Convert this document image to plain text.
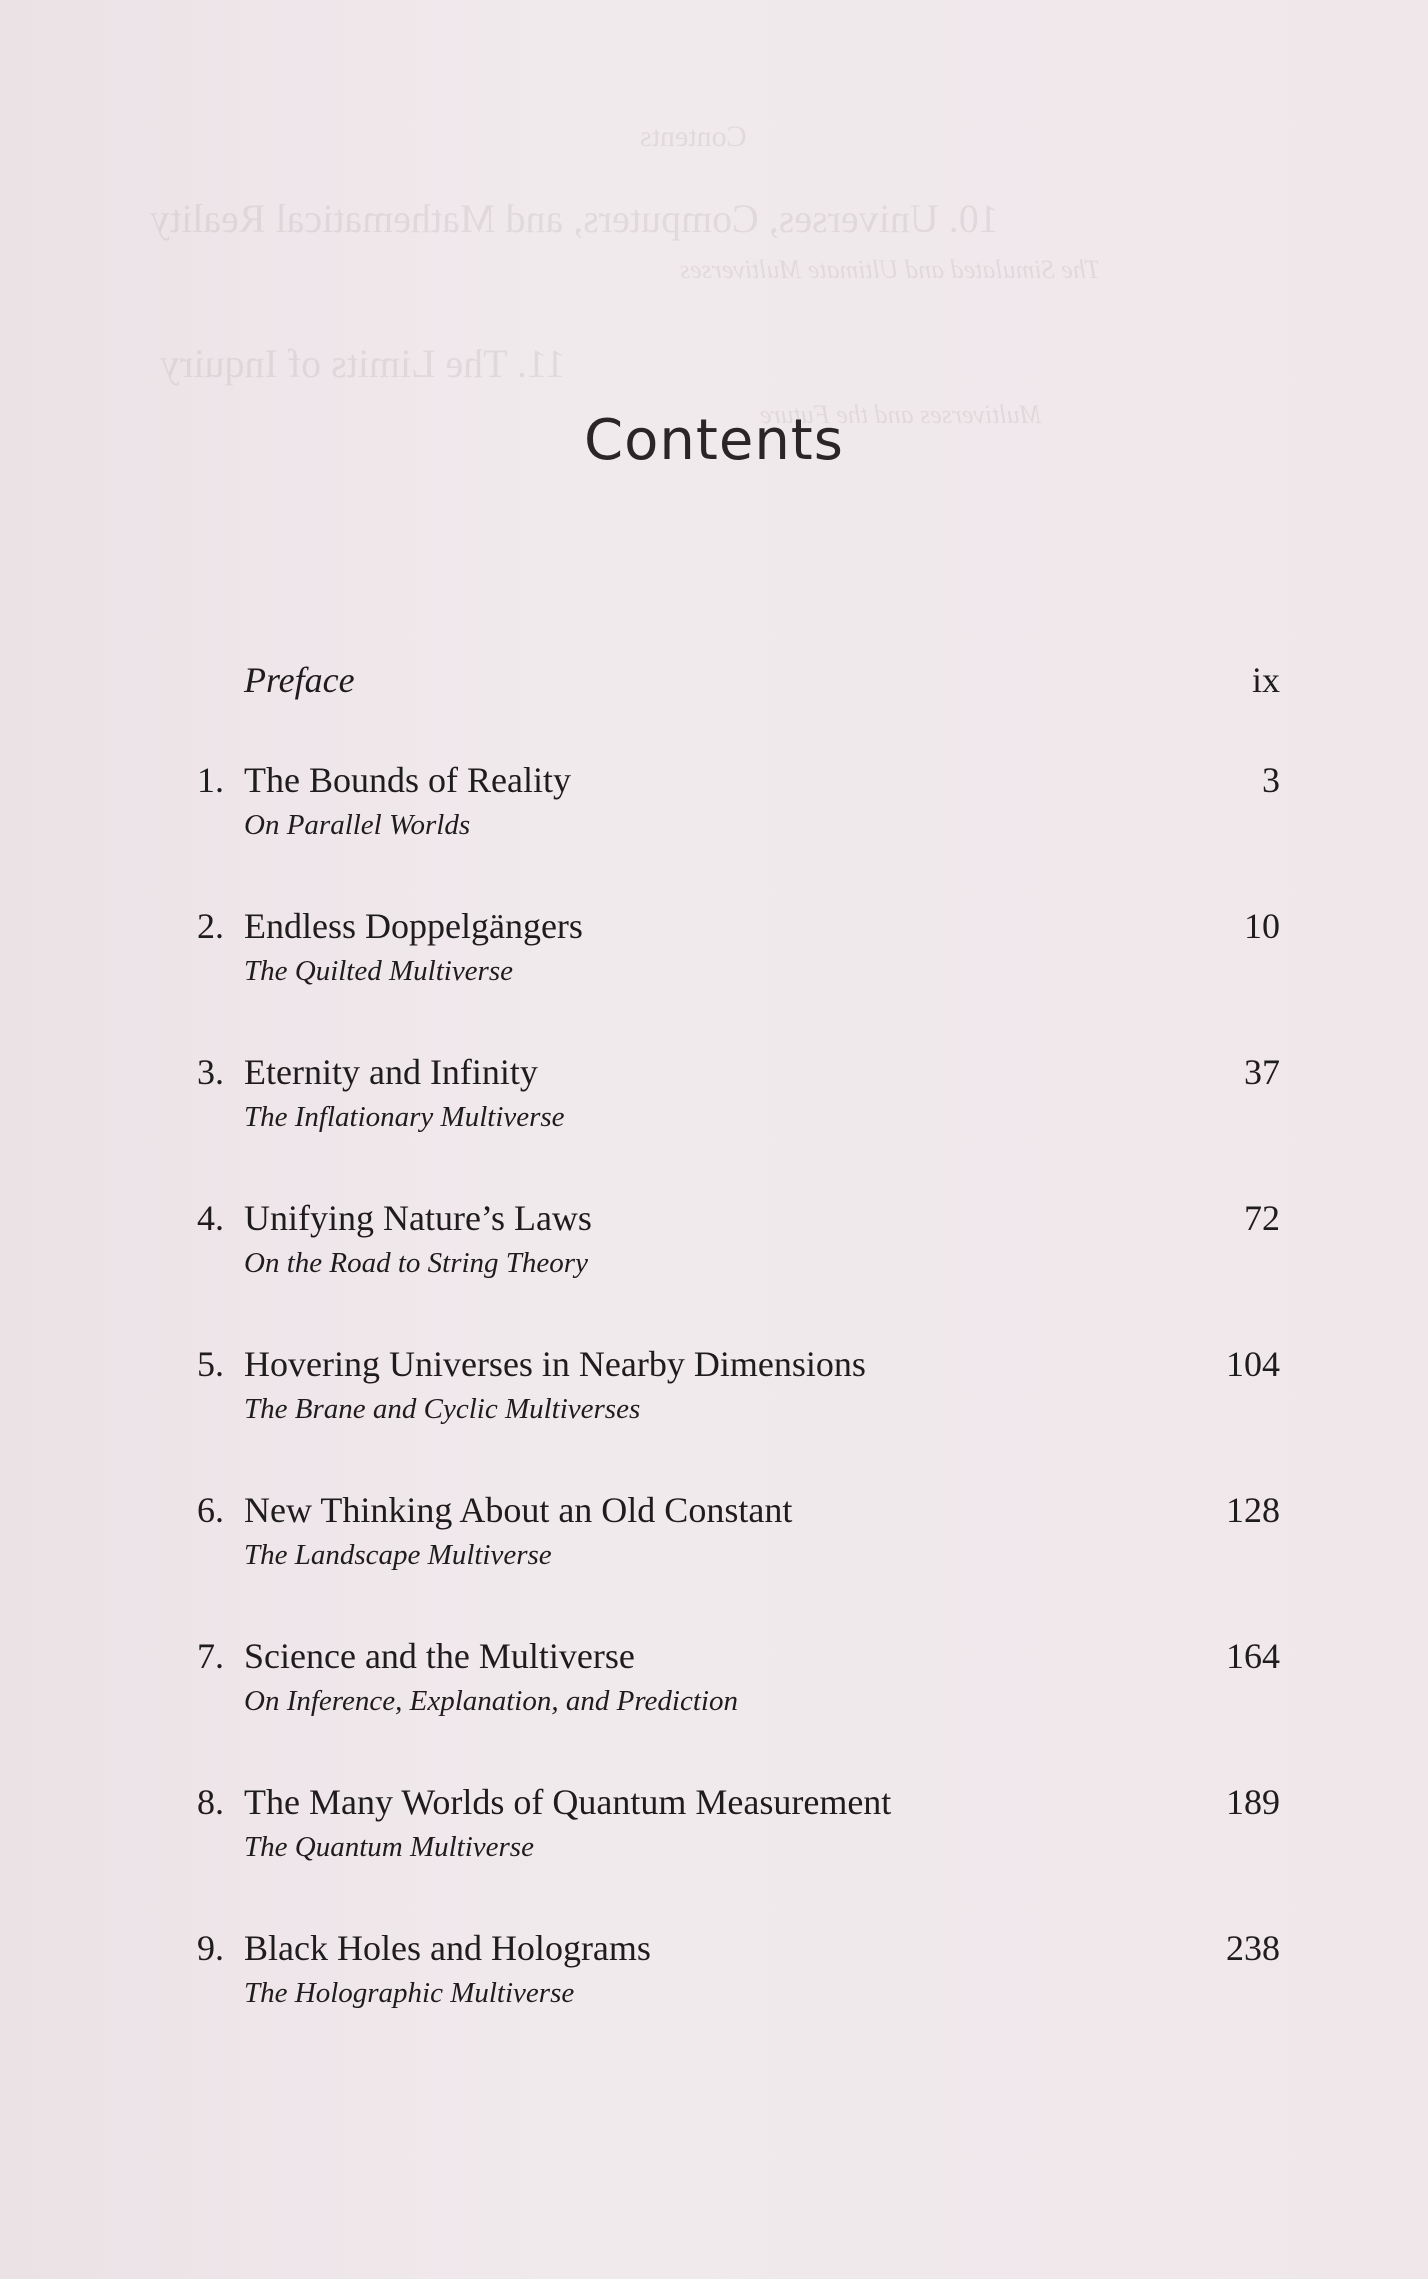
Contents
10. Universes, Computers, and Mathematical Reality
The Simulated and Ultimate Multiverses
11. The Limits of Inquiry
Multiverses and the Future
Contents
Preface	ix
1. The Bounds of Reality	3
On Parallel Worlds
2. Endless Doppelgängers	10
The Quilted Multiverse
3. Eternity and Infinity	37
The Inflationary Multiverse
4. Unifying Nature’s Laws	72
On the Road to String Theory
5. Hovering Universes in Nearby Dimensions	104
The Brane and Cyclic Multiverses
6. New Thinking About an Old Constant	128
The Landscape Multiverse
7. Science and the Multiverse	164
On Inference, Explanation, and Prediction
8. The Many Worlds of Quantum Measurement	189
The Quantum Multiverse
9. Black Holes and Holograms	238
The Holographic Multiverse
